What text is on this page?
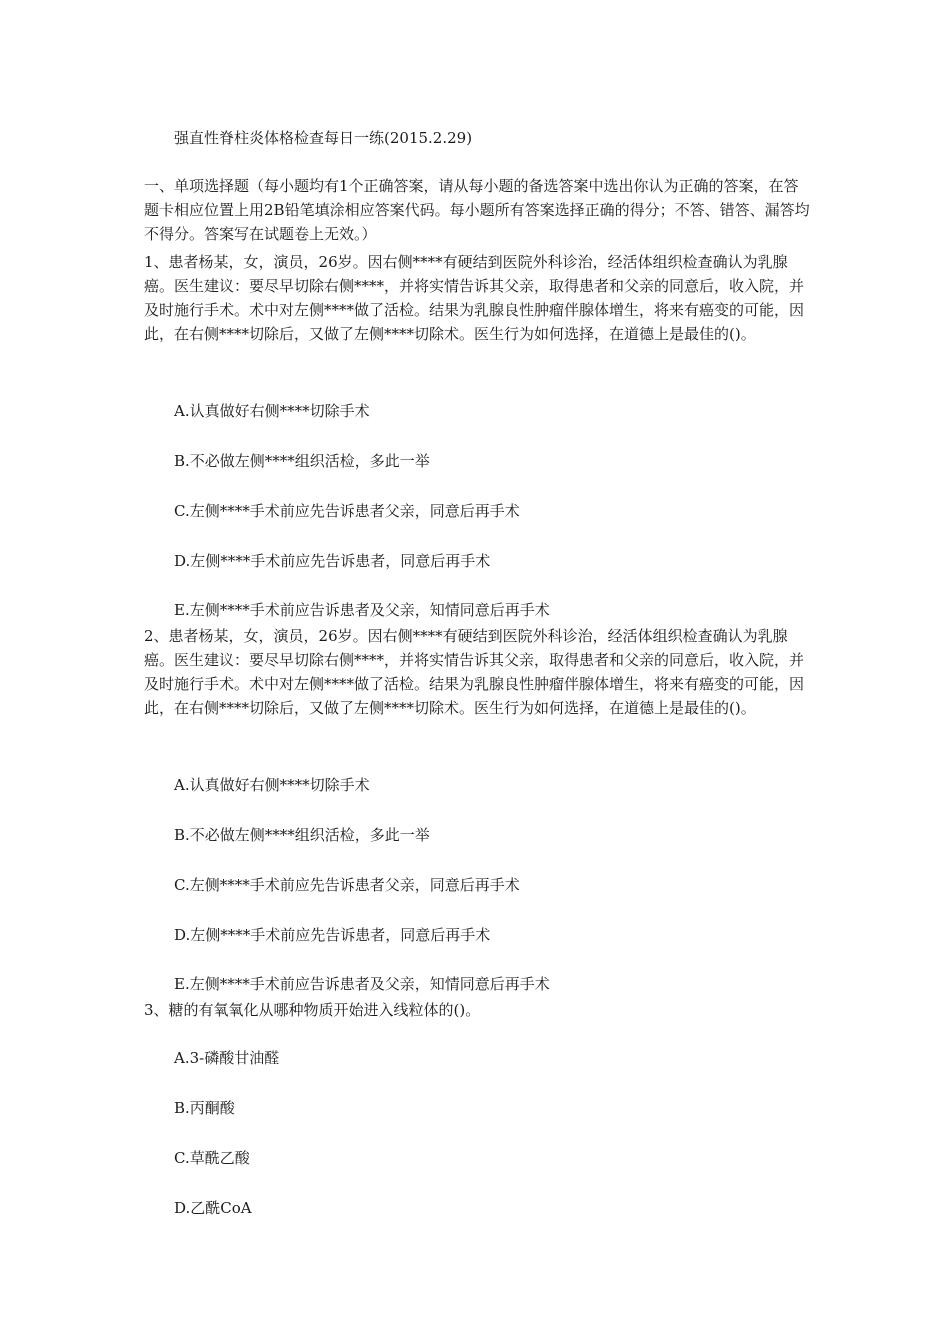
强直性脊柱炎体格检查每日一练(2015.2.29)
一、单项选择题（每小题均有1个正确答案，请从每小题的备选答案中选出你认为正确的答案，在答题卡相应位置上用2B铅笔填涂相应答案代码。每小题所有答案选择正确的得分；不答、错答、漏答均 不得分。答案写在试题卷上无效。）
1、患者杨某，女，演员，26岁。因右侧****有硬结到医院外科诊治，经活体组织检查确认为乳腺癌。医生建议：要尽早切除右侧****，并将实情告诉其父亲，取得患者和父亲的同意后，收入院，并及时施行手术。术中对左侧****做了活检。结果为乳腺良性肿瘤伴腺体增生，将来有癌变的可能，因此，在右侧****切除后，又做了左侧****切除术。医生行为如何选择，在道德上是最佳的()。
A.认真做好右侧****切除手术
B.不必做左侧****组织活检，多此一举
C.左侧****手术前应先告诉患者父亲，同意后再手术
D.左侧****手术前应先告诉患者，同意后再手术
E.左侧****手术前应告诉患者及父亲，知情同意后再手术
2、患者杨某，女，演员，26岁。因右侧****有硬结到医院外科诊治，经活体组织检查确认为乳腺癌。医生建议：要尽早切除右侧****，并将实情告诉其父亲，取得患者和父亲的同意后，收入院，并及时施行手术。术中对左侧****做了活检。结果为乳腺良性肿瘤伴腺体增生，将来有癌变的可能，因此，在右侧****切除后，又做了左侧****切除术。医生行为如何选择，在道德上是最佳的()。
A.认真做好右侧****切除手术
B.不必做左侧****组织活检，多此一举
C.左侧****手术前应先告诉患者父亲，同意后再手术
D.左侧****手术前应先告诉患者，同意后再手术
E.左侧****手术前应告诉患者及父亲，知情同意后再手术
3、糖的有氧氧化从哪种物质开始进入线粒体的()。
A.3-磷酸甘油醛
B.丙酮酸
C.草酰乙酸
D.乙酰CoA
